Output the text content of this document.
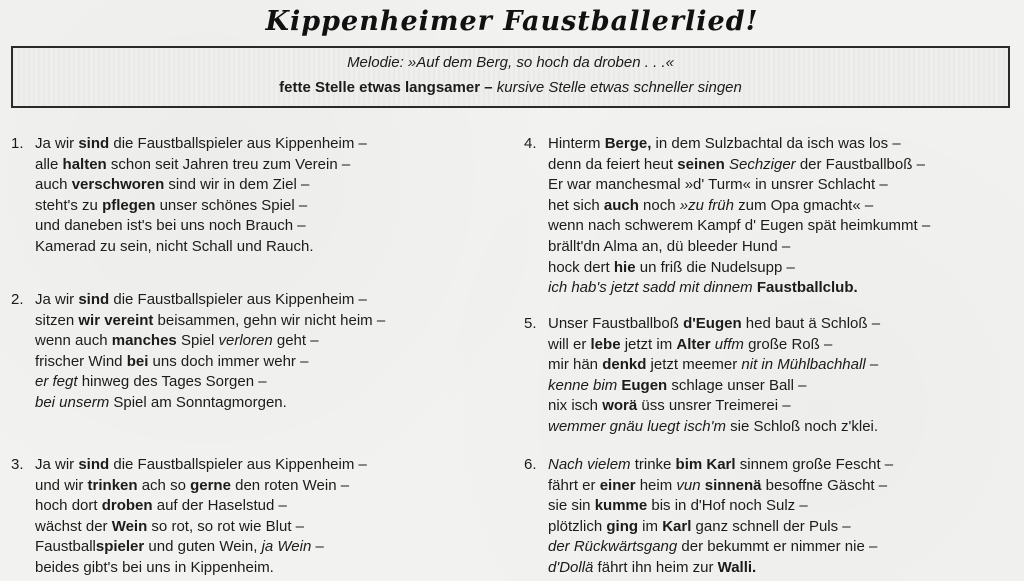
Kippenheimer Faustballerlied!
Melodie: »Auf dem Berg, so hoch da droben . . .«
fette Stelle etwas langsamer – kursive Stelle etwas schneller singen
1. Ja wir sind die Faustballspieler aus Kippenheim –
alle halten schon seit Jahren treu zum Verein –
auch verschworen sind wir in dem Ziel –
steht's zu pflegen unser schönes Spiel –
und daneben ist's bei uns noch Brauch –
Kamerad zu sein, nicht Schall und Rauch.
2. Ja wir sind die Faustballspieler aus Kippenheim –
sitzen wir vereint beisammen, gehn wir nicht heim –
wenn auch manches Spiel verloren geht –
frischer Wind bei uns doch immer wehr –
er fegt hinweg des Tages Sorgen –
bei unserm Spiel am Sonntagmorgen.
3. Ja wir sind die Faustballspieler aus Kippenheim –
und wir trinken ach so gerne den roten Wein –
hoch dort droben auf der Haselstud –
wächst der Wein so rot, so rot wie Blut –
Faustballspieler und guten Wein, ja Wein –
beides gibt's bei uns in Kippenheim.
4. Hinterm Berge, in dem Sulzbachtal da isch was los –
denn da feiert heut seinen Sechziger der Faustballboß –
Er war manchesmal »d' Turm« in unsrer Schlacht –
het sich auch noch »zu früh zum Opa gmacht« –
wenn nach schwerem Kampf d' Eugen spät heimkummt –
brällt'dn Alma an, dü bleeder Hund –
hock dert hie un friß die Nudelsupp –
ich hab's jetzt sadd mit dinnem Faustballclub.
5. Unser Faustballboß d'Eugen hed baut ä Schloß –
will er lebe jetzt im Alter uffm große Roß –
mir hän denkd jetzt meemer nit in Mühlbachhall –
kenne bim Eugen schlage unser Ball –
nix isch worä üss unsrer Treimerei –
wemmer gnäu luegt isch'm sie Schloß noch z'klei.
6. Nach vielem trinke bim Karl sinnem große Fescht –
fährt er einer heim vun sinnenä besoffne Gäscht –
sie sin kumme bis in d'Hof noch Sulz –
plötzlich ging im Karl ganz schnell der Puls –
der Rückwärtsgang der bekummt er nimmer nie –
d'Dollä fährt ihn heim zur Walli.
